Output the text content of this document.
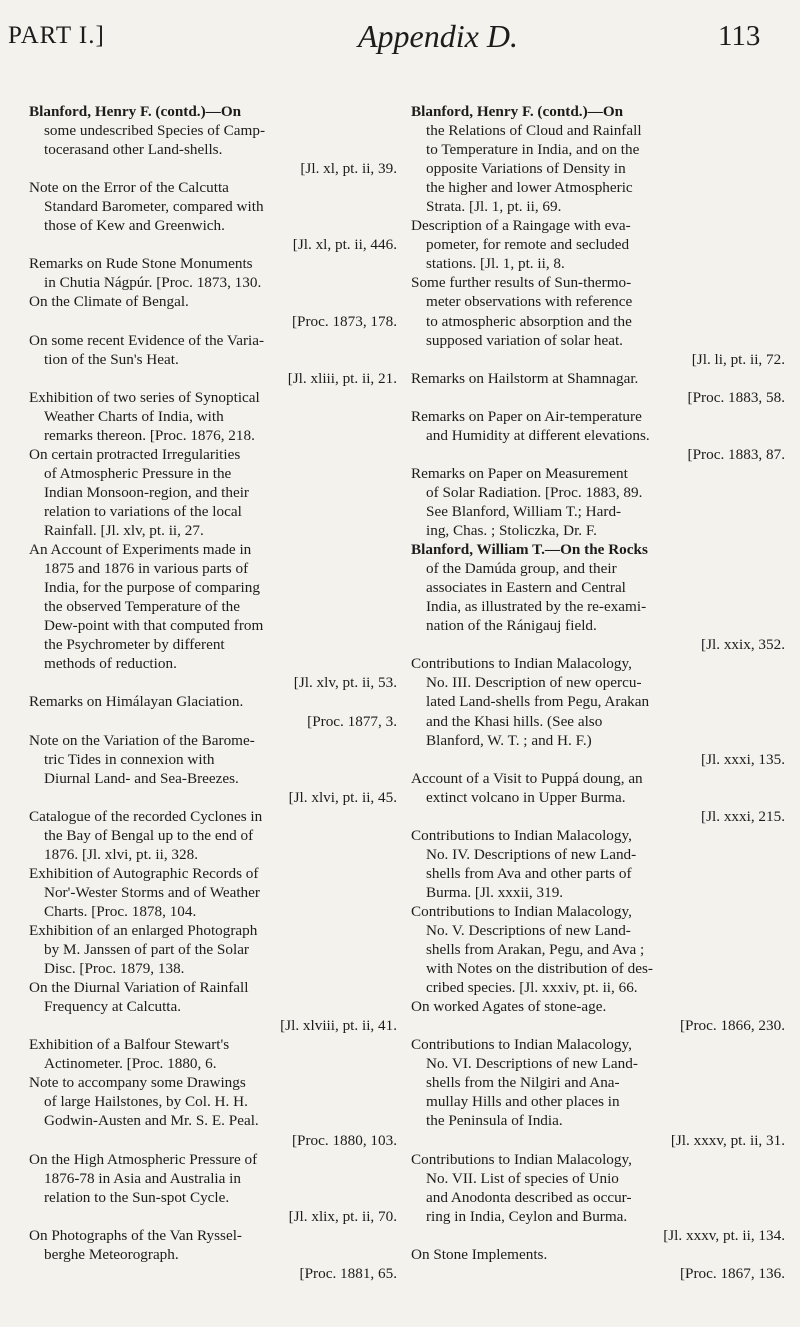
PART I.]	Appendix D.	113
Blanford, Henry F. (contd.)—On
some undescribed Species of Camp-
tocerasand other Land-shells.
[Jl. xl, pt. ii, 39.
Note on the Error of the Calcutta
Standard Barometer, compared with
those of Kew and Greenwich.
[Jl. xl, pt. ii, 446.
Remarks on Rude Stone Monuments
in Chutia Nágpúr. [Proc. 1873, 130.
On the Climate of Bengal.
[Proc. 1873, 178.
On some recent Evidence of the Varia-
tion of the Sun's Heat.
[Jl. xliii, pt. ii, 21.
Exhibition of two series of Synoptical
Weather Charts of India, with
remarks thereon. [Proc. 1876, 218.
On certain protracted Irregularities
of Atmospheric Pressure in the
Indian Monsoon-region, and their
relation to variations of the local
Rainfall. [Jl. xlv, pt. ii, 27.
An Account of Experiments made in
1875 and 1876 in various parts of
India, for the purpose of comparing
the observed Temperature of the
Dew-point with that computed from
the Psychrometer by different
methods of reduction.
[Jl. xlv, pt. ii, 53.
Remarks on Himálayan Glaciation.
[Proc. 1877, 3.
Note on the Variation of the Barome-
tric Tides in connexion with
Diurnal Land- and Sea-Breezes.
[Jl. xlvi, pt. ii, 45.
Catalogue of the recorded Cyclones in
the Bay of Bengal up to the end of
1876. [Jl. xlvi, pt. ii, 328.
Exhibition of Autographic Records of
Nor'-Wester Storms and of Weather
Charts. [Proc. 1878, 104.
Exhibition of an enlarged Photograph
by M. Janssen of part of the Solar
Disc. [Proc. 1879, 138.
On the Diurnal Variation of Rainfall
Frequency at Calcutta.
[Jl. xlviii, pt. ii, 41.
Exhibition of a Balfour Stewart's
Actinometer. [Proc. 1880, 6.
Note to accompany some Drawings
of large Hailstones, by Col. H. H.
Godwin-Austen and Mr. S. E. Peal.
[Proc. 1880, 103.
On the High Atmospheric Pressure of
1876-78 in Asia and Australia in
relation to the Sun-spot Cycle.
[Jl. xlix, pt. ii, 70.
On Photographs of the Van Ryssel-
berghe Meteorograph.
[Proc. 1881, 65.
Blanford, Henry F. (contd.)—On
the Relations of Cloud and Rainfall
to Temperature in India, and on the
opposite Variations of Density in
the higher and lower Atmospheric
Strata. [Jl. 1, pt. ii, 69.
Description of a Raingage with eva-
pometer, for remote and secluded
stations. [Jl. 1, pt. ii, 8.
Some further results of Sun-thermo-
meter observations with reference
to atmospheric absorption and the
supposed variation of solar heat.
[Jl. li, pt. ii, 72.
Remarks on Hailstorm at Shamnagar.
[Proc. 1883, 58.
Remarks on Paper on Air-temperature
and Humidity at different elevations.
[Proc. 1883, 87.
Remarks on Paper on Measurement
of Solar Radiation. [Proc. 1883, 89.
See Blanford, William T.; Hard-
ing, Chas. ; Stoliczka, Dr. F.
Blanford, William T.—On the Rocks
of the Damúda group, and their
associates in Eastern and Central
India, as illustrated by the re-exami-
nation of the Ránigauj field.
[Jl. xxix, 352.
Contributions to Indian Malacology,
No. III. Description of new opercu-
lated Land-shells from Pegu, Arakan
and the Khasi hills. (See also
Blanford, W. T. ; and H. F.)
[Jl. xxxi, 135.
Account of a Visit to Puppá doung, an
extinct volcano in Upper Burma.
[Jl. xxxi, 215.
Contributions to Indian Malacology,
No. IV. Descriptions of new Land-
shells from Ava and other parts of
Burma. [Jl. xxxii, 319.
Contributions to Indian Malacology,
No. V. Descriptions of new Land-
shells from Arakan, Pegu, and Ava ;
with Notes on the distribution of des-
cribed species. [Jl. xxxiv, pt. ii, 66.
On worked Agates of stone-age.
[Proc. 1866, 230.
Contributions to Indian Malacology,
No. VI. Descriptions of new Land-
shells from the Nilgiri and Ana-
mullay Hills and other places in
the Peninsula of India.
[Jl. xxxv, pt. ii, 31.
Contributions to Indian Malacology,
No. VII. List of species of Unio
and Anodonta described as occur-
ring in India, Ceylon and Burma.
[Jl. xxxv, pt. ii, 134.
On Stone Implements.
[Proc. 1867, 136.
